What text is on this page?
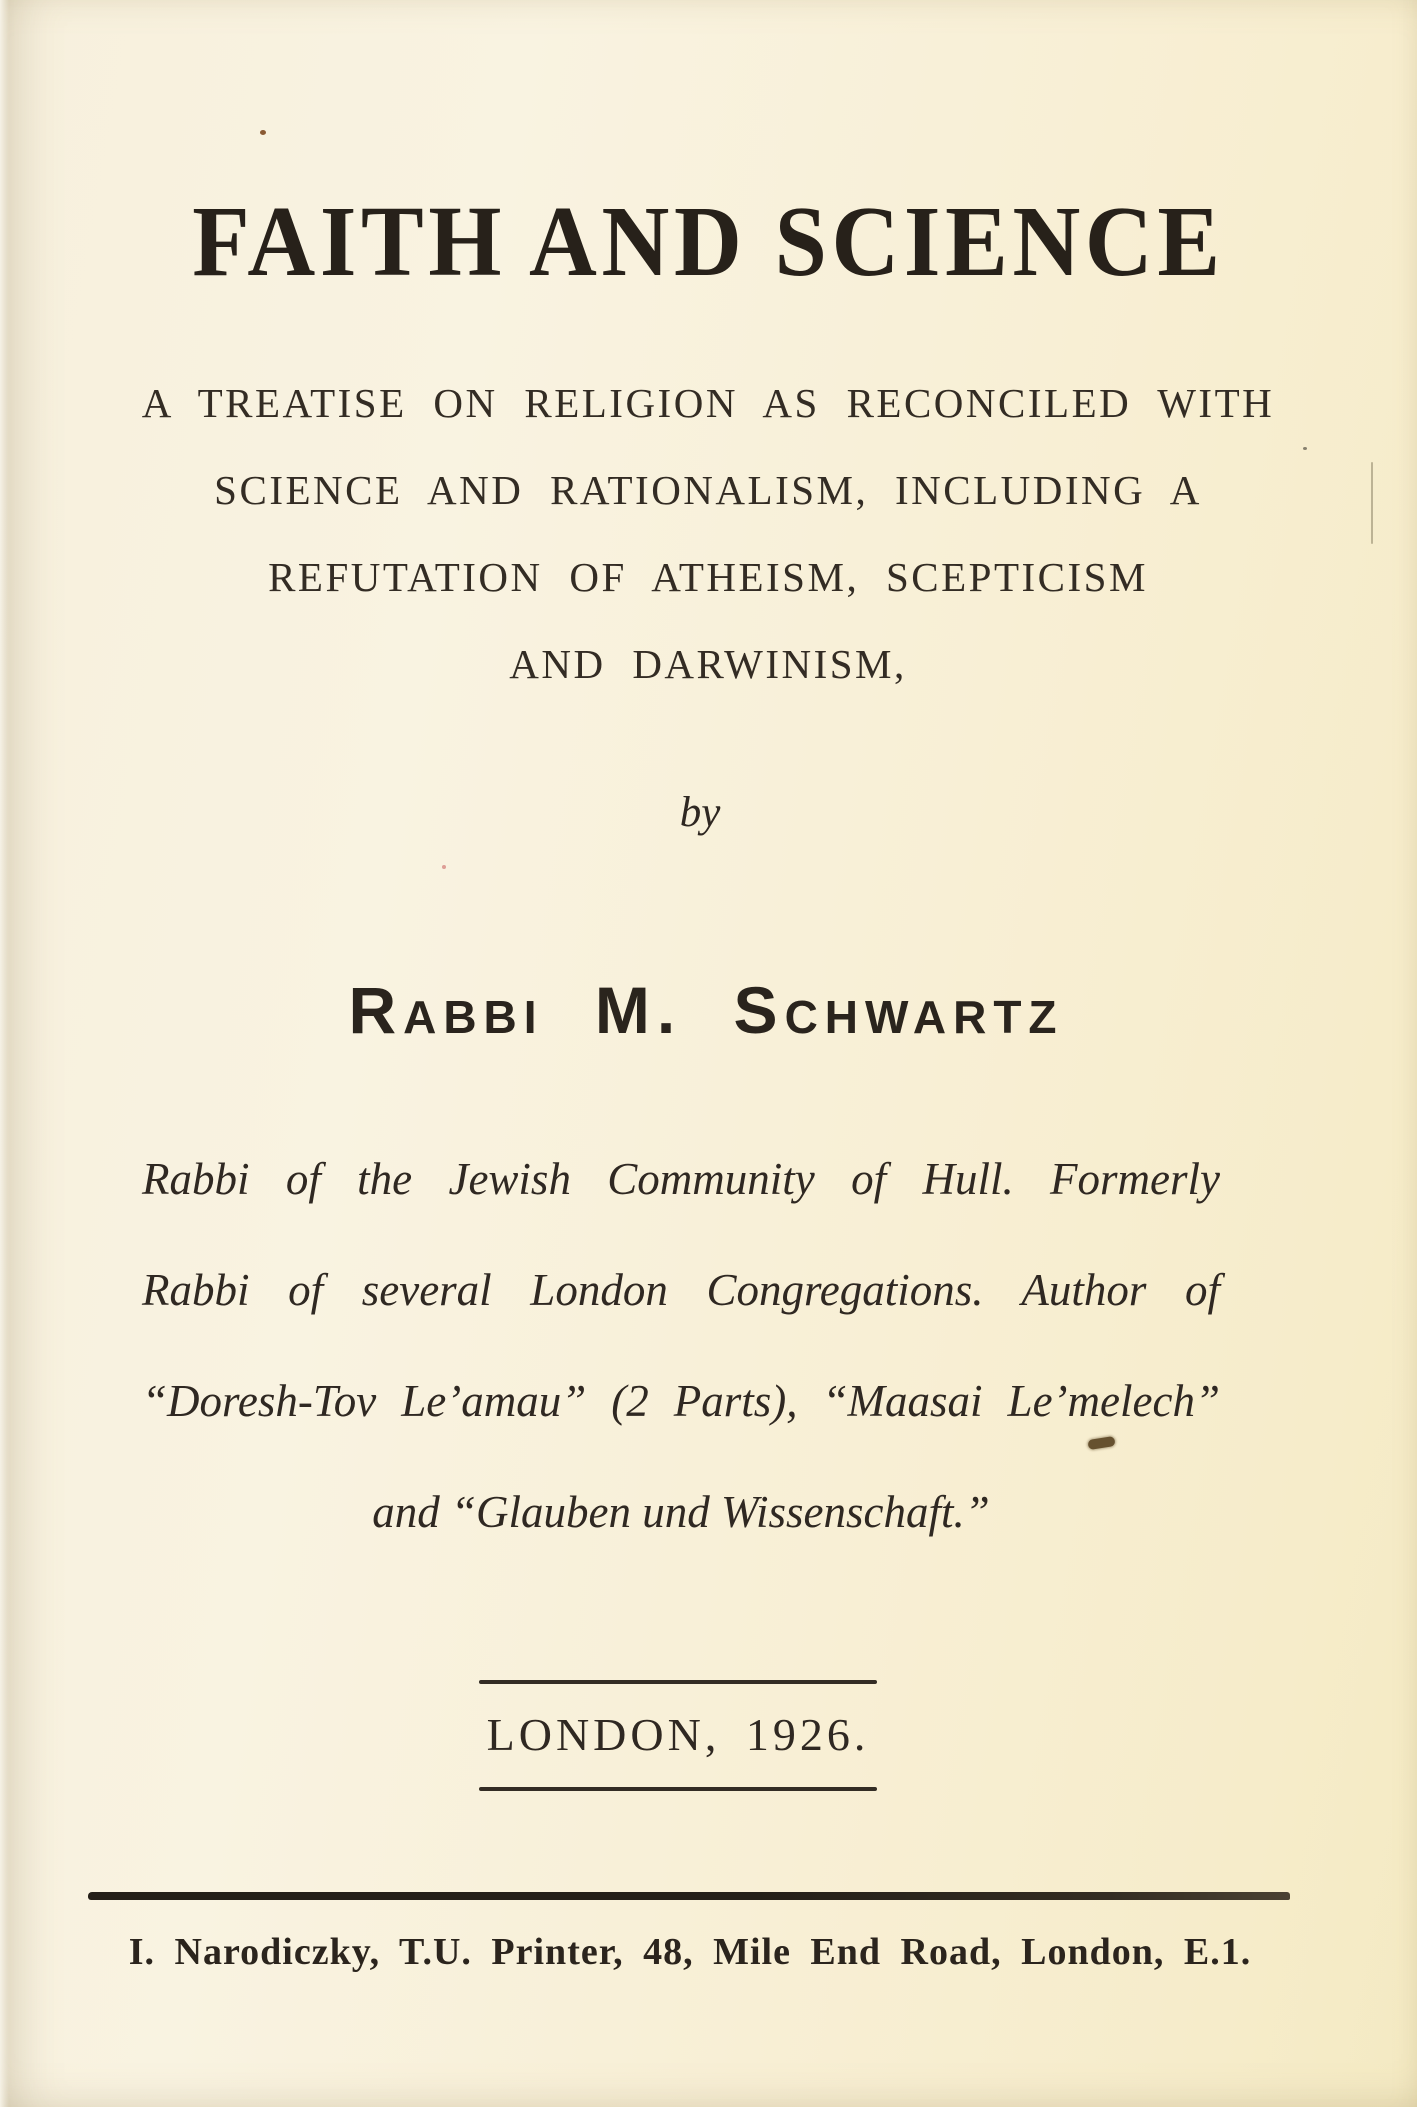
FAITH AND SCIENCE
A TREATISE ON RELIGION AS RECONCILED WITH
SCIENCE AND RATIONALISM, INCLUDING A
REFUTATION OF ATHEISM, SCEPTICISM
AND DARWINISM,
by
Rabbi M. Schwartz
Rabbi of the Jewish Community of Hull. Formerly
Rabbi of several London Congregations. Author of
“Doresh-Tov Le’amau” (2 Parts), “Maasai Le’melech”
and “Glauben und Wissenschaft.”
LONDON, 1926.
I. Narodiczky, T.U. Printer, 48, Mile End Road, London, E.1.
